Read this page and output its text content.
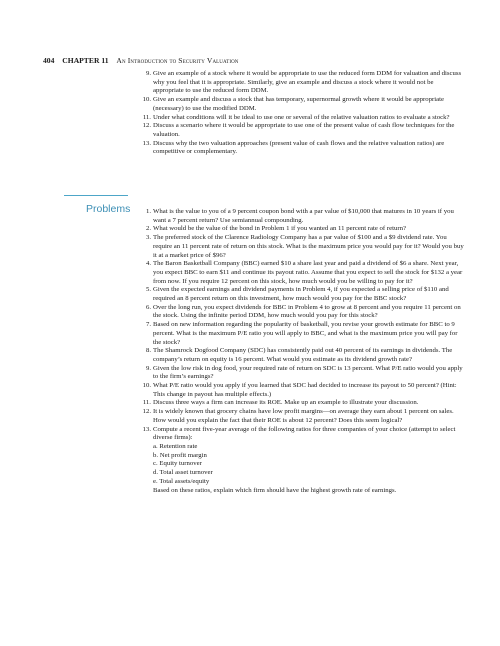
404 CHAPTER 11 An Introduction to Security Valuation
9. Give an example of a stock where it would be appropriate to use the reduced form DDM for valuation and discuss why you feel that it is appropriate. Similarly, give an example and discuss a stock where it would not be appropriate to use the reduced form DDM.
10. Give an example and discuss a stock that has temporary, supernormal growth where it would be appropriate (necessary) to use the modified DDM.
11. Under what conditions will it be ideal to use one or several of the relative valuation ratios to evaluate a stock?
12. Discuss a scenario where it would be appropriate to use one of the present value of cash flow techniques for the valuation.
13. Discuss why the two valuation approaches (present value of cash flows and the relative valuation ratios) are competitive or complementary.
Problems 1. What is the value to you of a 9 percent coupon bond with a par value of $10,000 that matures in 10 years if you want a 7 percent return? Use semiannual compounding.
2. What would be the value of the bond in Problem 1 if you wanted an 11 percent rate of return?
3. The preferred stock of the Clarence Radiology Company has a par value of $100 and a $9 dividend rate. You require an 11 percent rate of return on this stock. What is the maximum price you would pay for it? Would you buy it at a market price of $96?
4. The Baron Basketball Company (BBC) earned $10 a share last year and paid a dividend of $6 a share. Next year, you expect BBC to earn $11 and continue its payout ratio. Assume that you expect to sell the stock for $132 a year from now. If you require 12 percent on this stock, how much would you be willing to pay for it?
5. Given the expected earnings and dividend payments in Problem 4, if you expected a selling price of $110 and required an 8 percent return on this investment, how much would you pay for the BBC stock?
6. Over the long run, you expect dividends for BBC in Problem 4 to grow at 8 percent and you require 11 percent on the stock. Using the infinite period DDM, how much would you pay for this stock?
7. Based on new information regarding the popularity of basketball, you revise your growth estimate for BBC to 9 percent. What is the maximum P/E ratio you will apply to BBC, and what is the maximum price you will pay for the stock?
8. The Shamrock Dogfood Company (SDC) has consistently paid out 40 percent of its earnings in dividends. The company’s return on equity is 16 percent. What would you estimate as its dividend growth rate?
9. Given the low risk in dog food, your required rate of return on SDC is 13 percent. What P/E ratio would you apply to the firm’s earnings?
10. What P/E ratio would you apply if you learned that SDC had decided to increase its payout to 50 percent? (Hint: This change in payout has multiple effects.)
11. Discuss three ways a firm can increase its ROE. Make up an example to illustrate your discussion.
12. It is widely known that grocery chains have low profit margins—on average they earn about 1 percent on sales. How would you explain the fact that their ROE is about 12 percent? Does this seem logical?
13. Compute a recent five-year average of the following ratios for three companies of your choice (attempt to select diverse firms):
a. Retention rate
b. Net profit margin
c. Equity turnover
d. Total asset turnover
e. Total assets/equity
Based on these ratios, explain which firm should have the highest growth rate of earnings.
